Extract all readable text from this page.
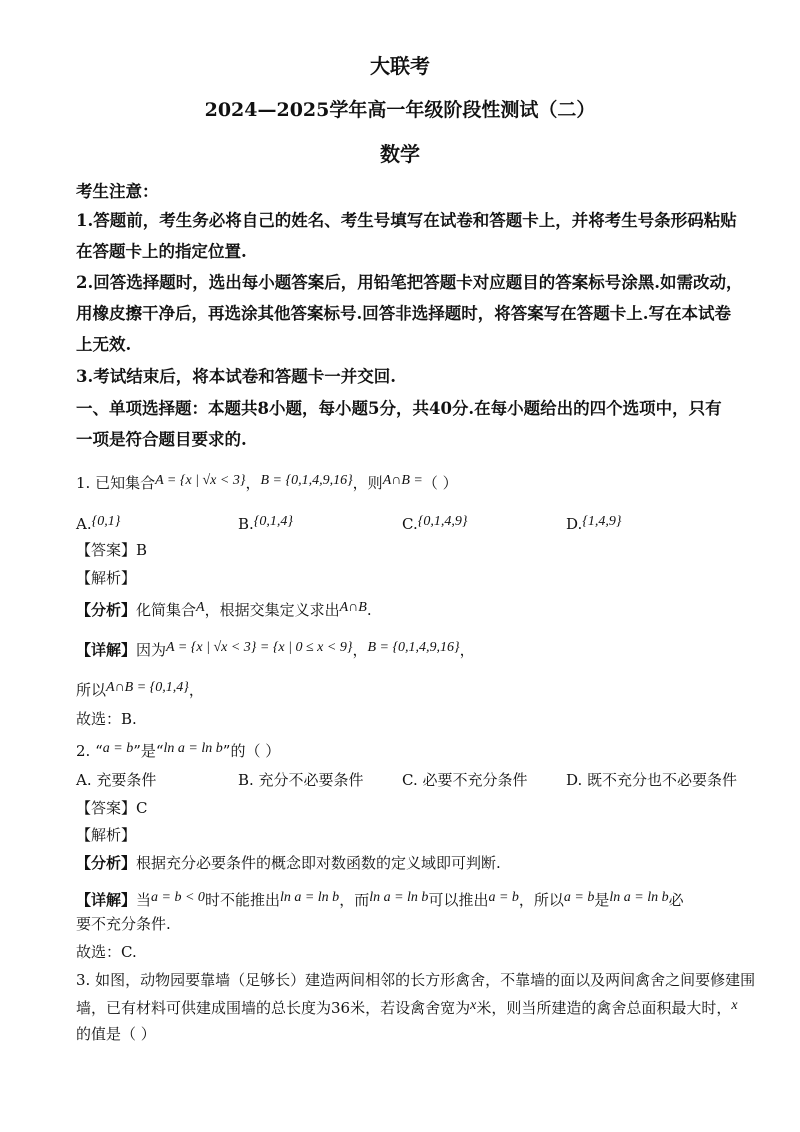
大联考
2024—2025学年高一年级阶段性测试（二）
数学
考生注意：
1.答题前，考生务必将自己的姓名、考生号填写在试卷和答题卡上，并将考生号条形码粘贴
在答题卡上的指定位置.
2.回答选择题时，选出每小题答案后，用铅笔把答题卡对应题目的答案标号涂黑.如需改动，
用橡皮擦干净后，再选涂其他答案标号.回答非选择题时，将答案写在答题卡上.写在本试卷
上无效.
3.考试结束后，将本试卷和答题卡一并交回.
一、单项选择题：本题共8小题，每小题5分，共40分.在每小题给出的四个选项中，只有
一项是符合题目要求的.
1. 已知集合A = {x | √x < 3}，B = {0,1,4,9,16}，则A∩B =（ ）
A.{0,1}	B.{0,1,4}	C.{0,1,4,9}	D.{1,4,9}
【答案】B
【解析】
【分析】化简集合A，根据交集定义求出A∩B.
【详解】因为A = {x | √x < 3} = {x | 0 ≤ x < 9}，B = {0,1,4,9,16}，
所以A∩B = {0,1,4}，
故选：B.
2. “a = b”是“ln a = ln b”的（ ）
A. 充要条件	B. 充分不必要条件	C. 必要不充分条件	D. 既不充分也不必要条件
【答案】C
【解析】
【分析】根据充分必要条件的概念即对数函数的定义域即可判断.
【详解】当a = b < 0时不能推出ln a = ln b，而ln a = ln b可以推出a = b，所以a = b是ln a = ln b必
要不充分条件.
故选：C.
3. 如图，动物园要靠墙（足够长）建造两间相邻的长方形禽舍，不靠墙的面以及两间禽舍之间要修建围
墙，已有材料可供建成围墙的总长度为36米，若设禽舍宽为x米，则当所建造的禽舍总面积最大时，x
的值是（ ）
